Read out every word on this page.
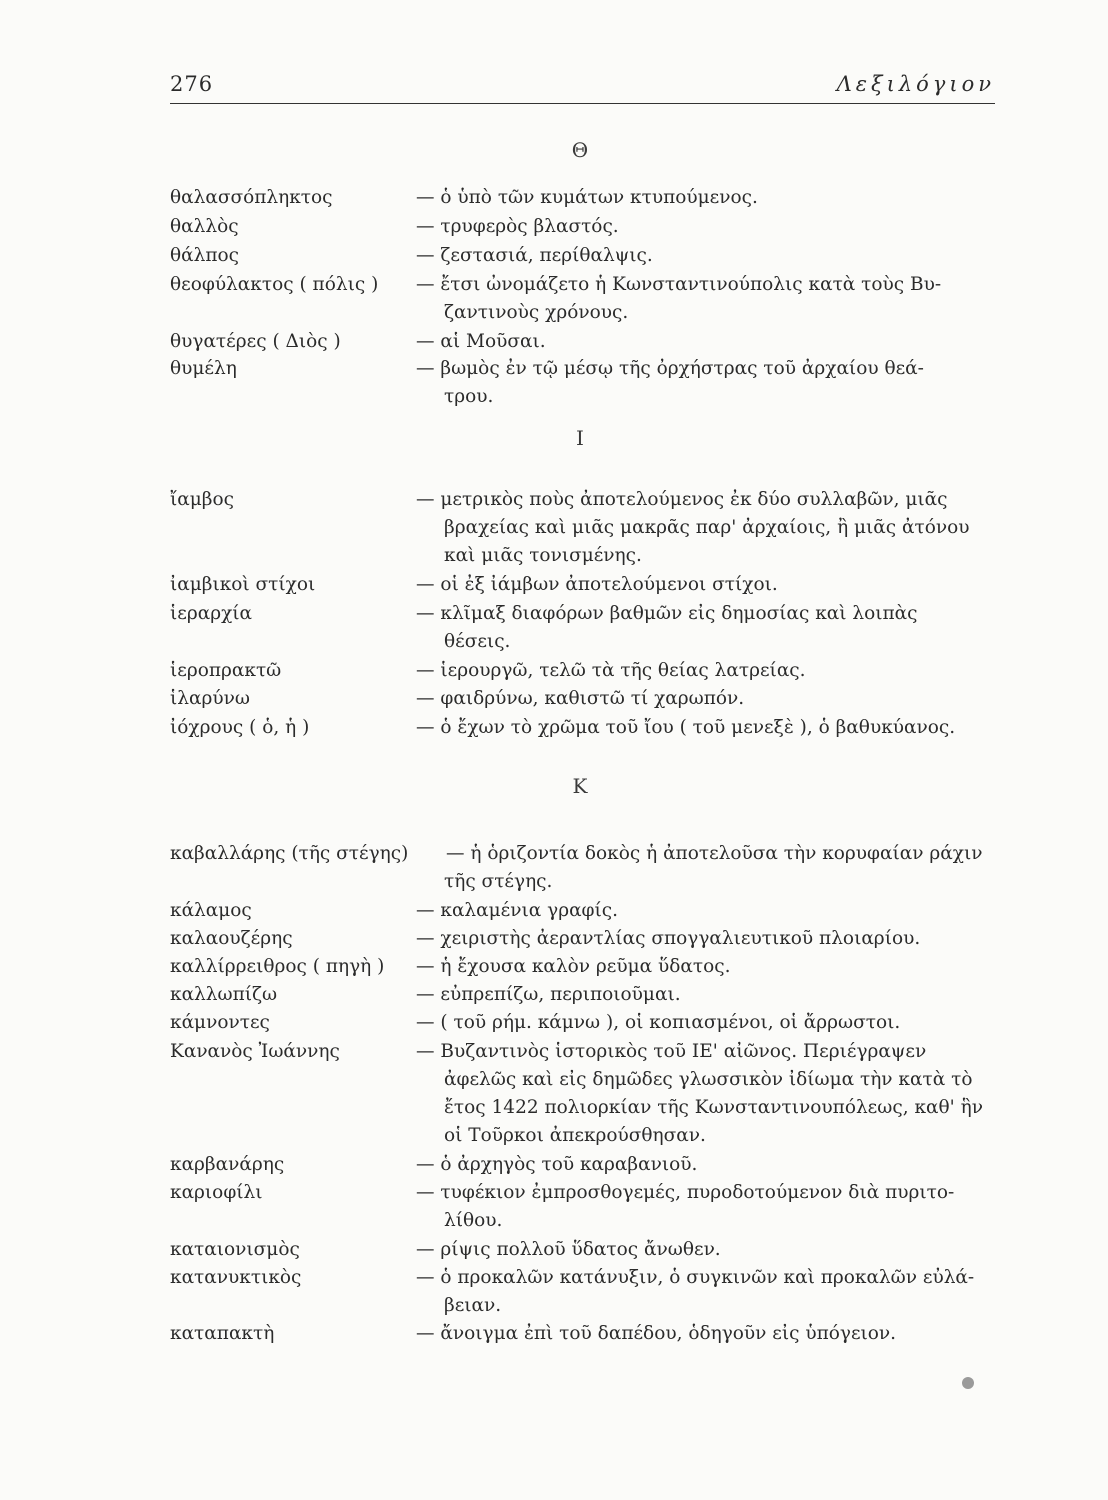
276	Λεξιλόγιον
Θ
θαλασσόπληκτος	— ὁ ὑπὸ τῶν κυμάτων κτυπούμενος.
θαλλὸς	— τρυφερὸς βλαστός.
θάλπος	— ζεστασιά, περίθαλψις.
θεοφύλακτος ( πόλις ) — ἔτσι ὠνομάζετο ἡ Κωνσταντινούπολις κατὰ τοὺς Βυ-
ζαντινοὺς χρόνους.
θυγατέρες ( Διὸς )	— αἱ Μοῦσαι.
θυμέλη	— βωμὸς ἐν τῷ μέσῳ τῆς ὀρχήστρας τοῦ ἀρχαίου θεά-
τρου.
Ι
ἴαμβος	— μετρικὸς ποὺς ἀποτελούμενος ἐκ δύο συλλαβῶν, μιᾶς
βραχείας καὶ μιᾶς μακρᾶς παρ' ἀρχαίοις, ἢ μιᾶς ἀτόνου
καὶ μιᾶς τονισμένης.
ἰαμβικοὶ στίχοι	— οἱ ἐξ ἰάμβων ἀποτελούμενοι στίχοι.
ἱεραρχία	— κλῖμαξ διαφόρων βαθμῶν εἰς δημοσίας καὶ λοιπὰς
θέσεις.
ἱεροπρακτῶ	— ἱερουργῶ, τελῶ τὰ τῆς θείας λατρείας.
ἱλαρύνω	— φαιδρύνω, καθιστῶ τί χαρωπόν.
ἰόχρους ( ὁ, ἡ )	— ὁ ἔχων τὸ χρῶμα τοῦ ἴου ( τοῦ μενεξὲ ), ὁ βαθυκύανος.
Κ
καβαλλάρης (τῆς στέγης) — ἡ ὁριζοντία δοκὸς ἡ ἀποτελοῦσα τὴν κορυφαίαν ράχιν
τῆς στέγης.
κάλαμος	— καλαμένια γραφίς.
καλαουζέρης	— χειριστὴς ἀεραντλίας σπογγαλιευτικοῦ πλοιαρίου.
καλλίρρειθρος ( πηγὴ ) — ἡ ἔχουσα καλὸν ρεῦμα ὕδατος.
καλλωπίζω	— εὐπρεπίζω, περιποιοῦμαι.
κάμνοντες	— ( τοῦ ρήμ. κάμνω ), οἱ κοπιασμένοι, οἱ ἄρρωστοι.
Κανανὸς Ἰωάννης	— Βυζαντινὸς ἱστορικὸς τοῦ ΙΕ' αἰῶνος. Περιέγραψεν
ἀφελῶς καὶ εἰς δημῶδες γλωσσικὸν ἰδίωμα τὴν κατὰ τὸ
ἔτος 1422 πολιορκίαν τῆς Κωνσταντινουπόλεως, καθ' ἣν
οἱ Τοῦρκοι ἀπεκρούσθησαν.
καρβανάρης	— ὁ ἀρχηγὸς τοῦ καραβανιοῦ.
καριοφίλι	— τυφέκιον ἐμπροσθογεμές, πυροδοτούμενον διὰ πυριτο-
λίθου.
καταιονισμὸς	— ρίψις πολλοῦ ὕδατος ἄνωθεν.
κατανυκτικὸς	— ὁ προκαλῶν κατάνυξιν, ὁ συγκινῶν καὶ προκαλῶν εὐλά-
βειαν.
καταπακτὴ	— ἄνοιγμα ἐπὶ τοῦ δαπέδου, ὁδηγοῦν εἰς ὑπόγειον.
